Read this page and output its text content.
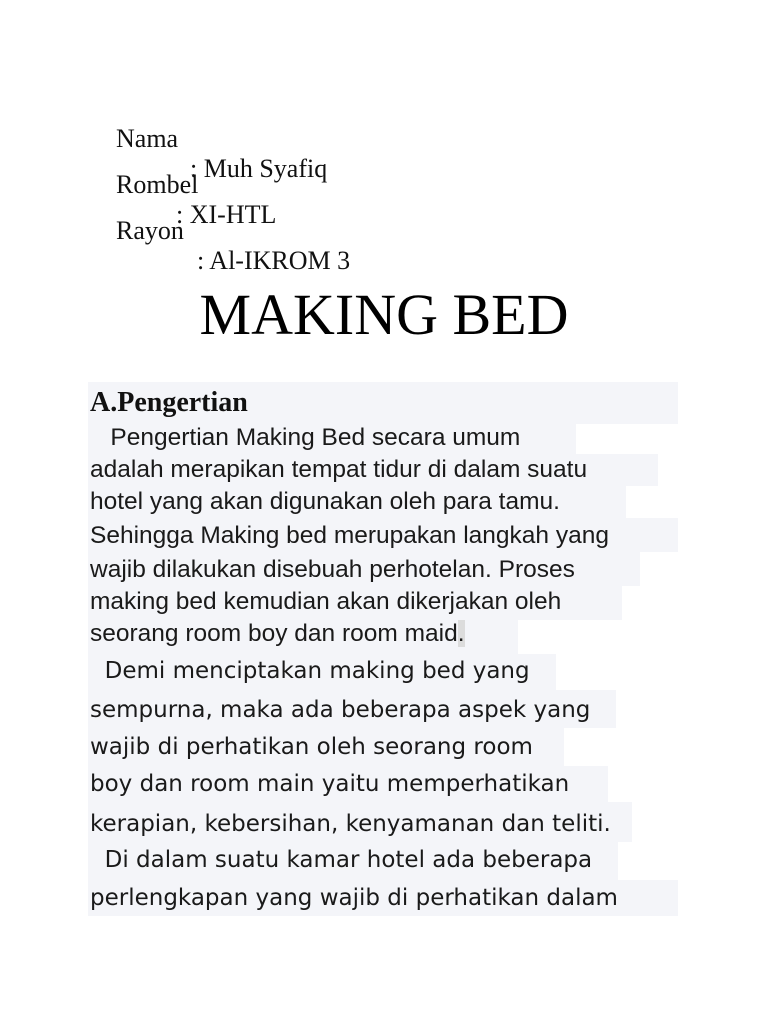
Nama

: Muh Syafiq

Rombel

: XI-HTL

Rayon

: Al-IKROM 3

MAKING BED
A.Pengertian
Pengertian Making Bed secara umum
adalah merapikan tempat tidur di dalam suatu
hotel yang akan digunakan oleh para tamu.
Sehingga Making bed merupakan langkah yang
wajib dilakukan disebuah perhotelan. Proses
making bed kemudian akan dikerjakan oleh
seorang room boy dan room maid.
Demi menciptakan making bed yang
sempurna, maka ada beberapa aspek yang
wajib di perhatikan oleh seorang room
boy dan room main yaitu memperhatikan
kerapian, kebersihan, kenyamanan dan teliti.
Di dalam suatu kamar hotel ada beberapa
perlengkapan yang wajib di perhatikan dalam
